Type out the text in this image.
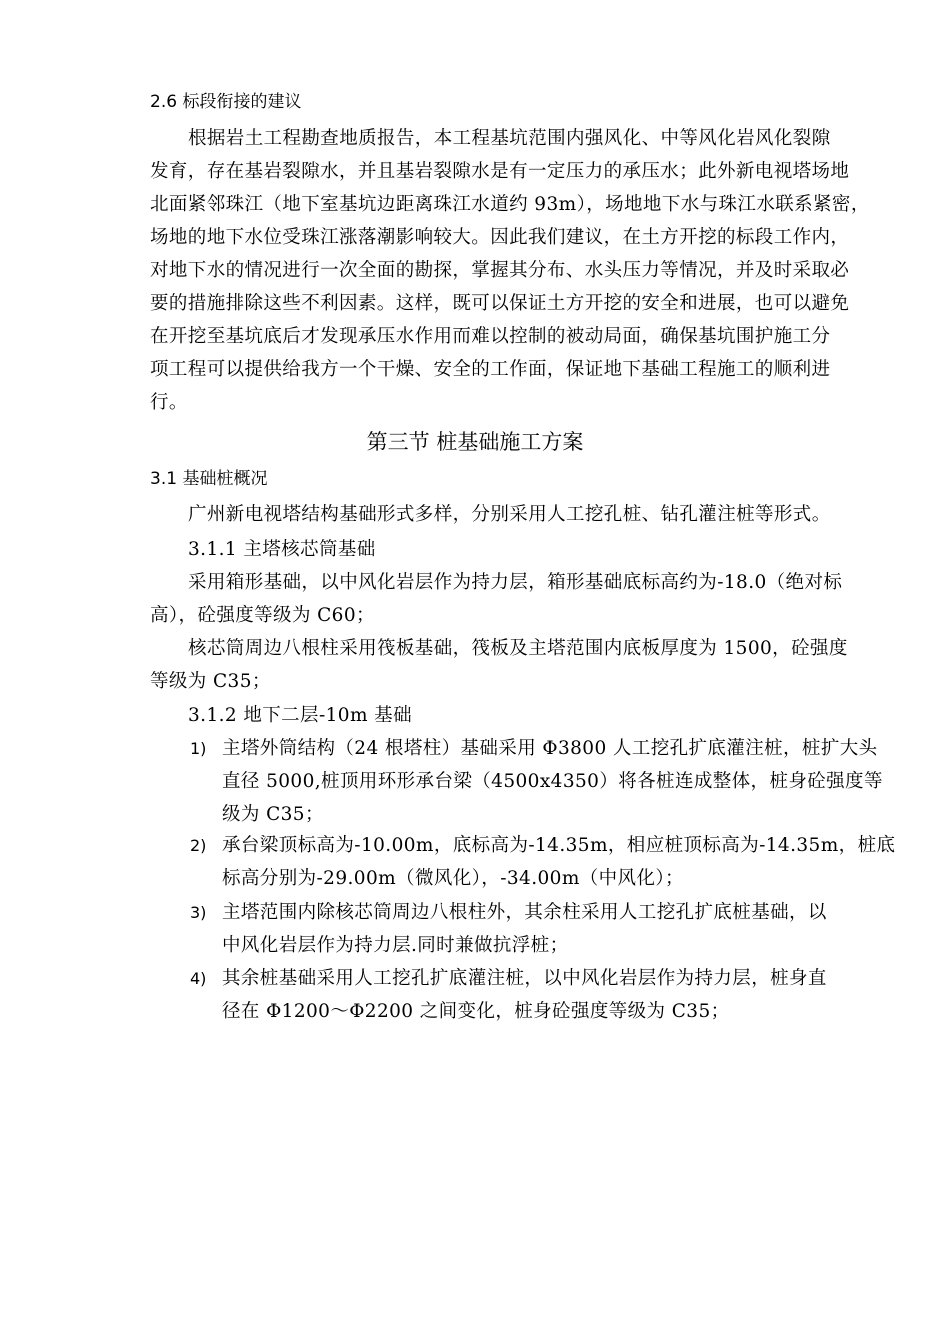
2.6 标段衔接的建议
根据岩土工程勘查地质报告，本工程基坑范围内强风化、中等风化岩风化裂隙
发育，存在基岩裂隙水，并且基岩裂隙水是有一定压力的承压水；此外新电视塔场地
北面紧邻珠江（地下室基坑边距离珠江水道约 93m），场地地下水与珠江水联系紧密，
场地的地下水位受珠江涨落潮影响较大。因此我们建议，在土方开挖的标段工作内，
对地下水的情况进行一次全面的勘探，掌握其分布、水头压力等情况，并及时采取必
要的措施排除这些不利因素。这样，既可以保证土方开挖的安全和进展，也可以避免
在开挖至基坑底后才发现承压水作用而难以控制的被动局面，确保基坑围护施工分
项工程可以提供给我方一个干燥、安全的工作面，保证地下基础工程施工的顺利进
行。
第三节 桩基础施工方案
3.1 基础桩概况
广州新电视塔结构基础形式多样，分别采用人工挖孔桩、钻孔灌注桩等形式。
3.1.1 主塔核芯筒基础
采用箱形基础，以中风化岩层作为持力层，箱形基础底标高约为-18.0（绝对标
高），砼强度等级为 C60；
核芯筒周边八根柱采用筏板基础，筏板及主塔范围内底板厚度为 1500，砼强度
等级为 C35；
3.1.2 地下二层-10m 基础
1) 主塔外筒结构（24 根塔柱）基础采用 Φ3800 人工挖孔扩底灌注桩，桩扩大头
直径 5000,桩顶用环形承台梁（4500x4350）将各桩连成整体，桩身砼强度等
级为 C35；
2) 承台梁顶标高为-10.00m，底标高为-14.35m，相应桩顶标高为-14.35m，桩底
标高分别为-29.00m（微风化），-34.00m（中风化）；
3) 主塔范围内除核芯筒周边八根柱外，其余柱采用人工挖孔扩底桩基础，以
中风化岩层作为持力层.同时兼做抗浮桩；
4) 其余桩基础采用人工挖孔扩底灌注桩，以中风化岩层作为持力层，桩身直
径在 Φ1200～Φ2200 之间变化，桩身砼强度等级为 C35；
